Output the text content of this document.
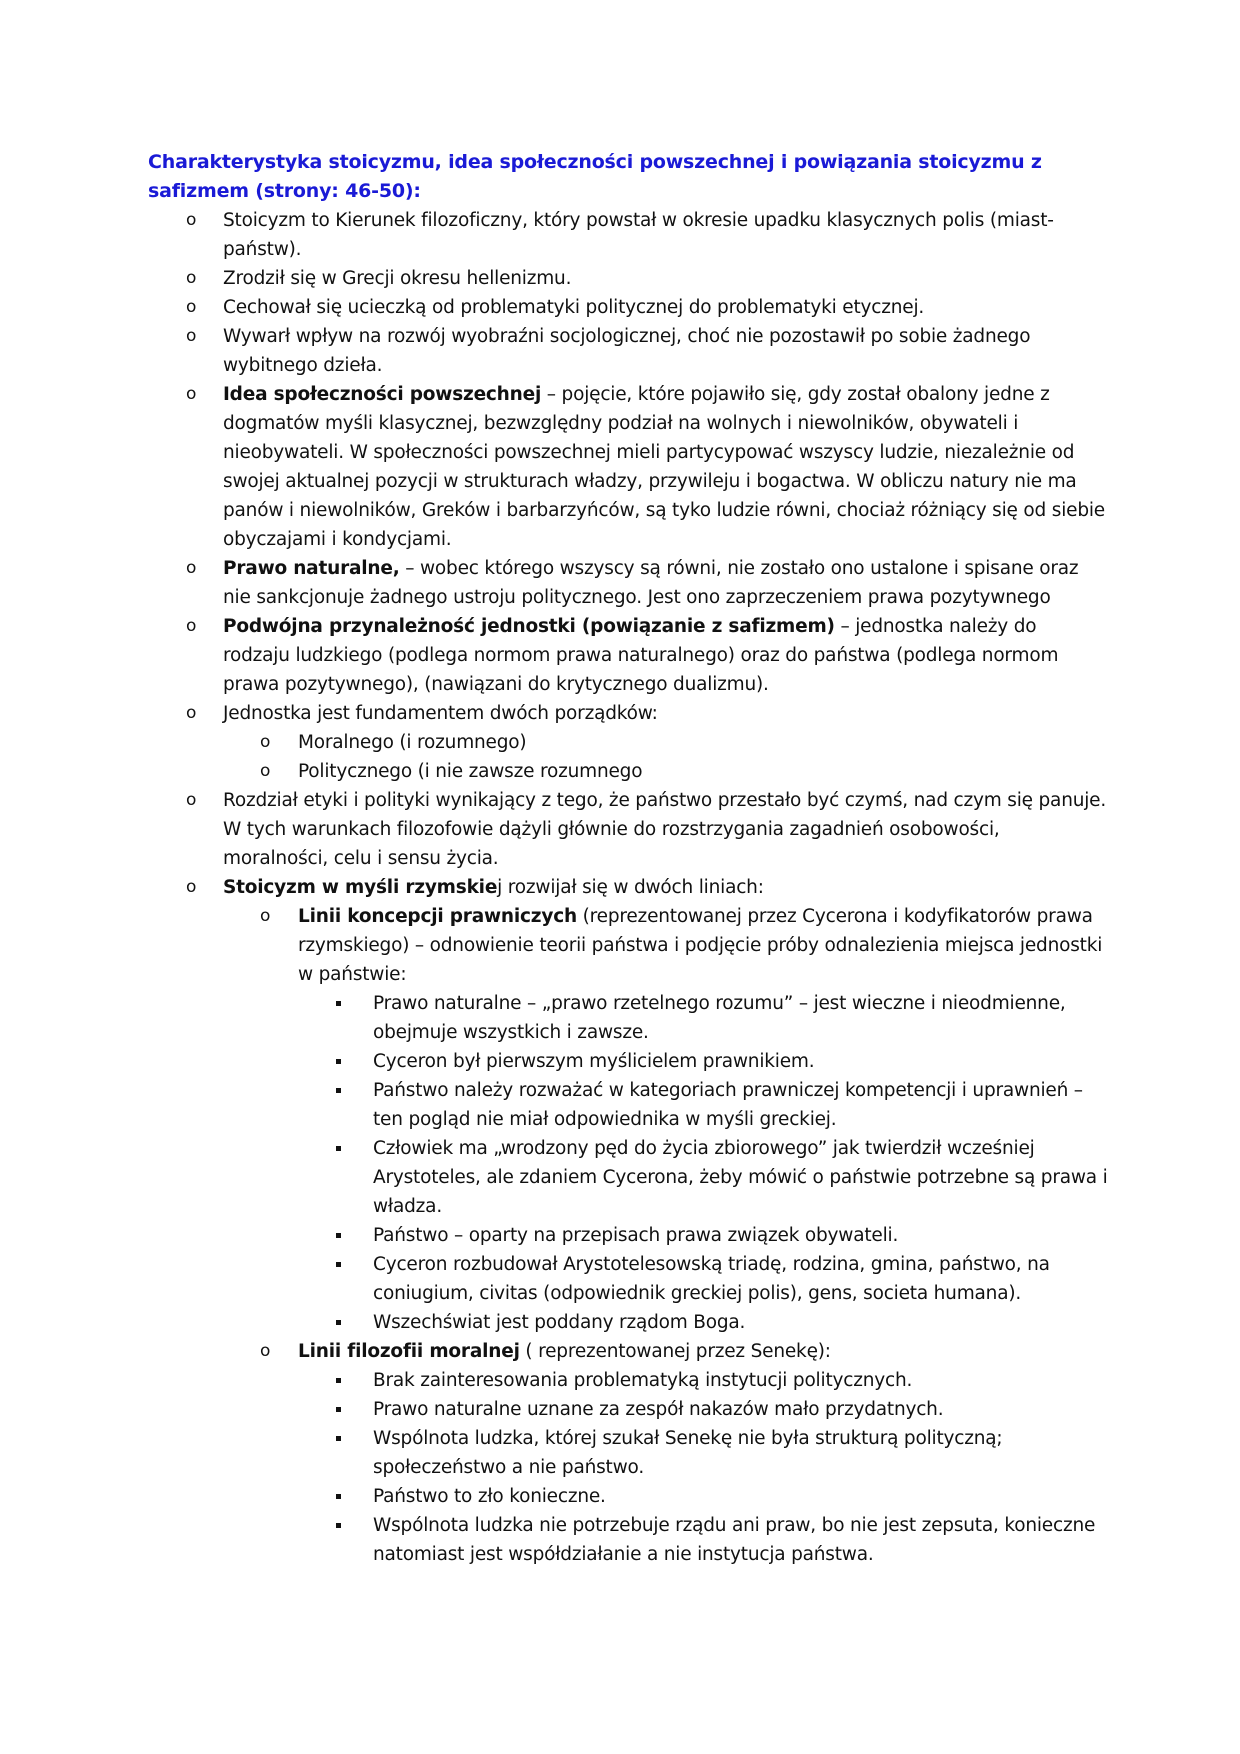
Charakterystyka stoicyzmu, idea społeczności powszechnej i powiązania stoicyzmu z safizmem (strony: 46-50):

o Stoicyzm to Kierunek filozoficzny, który powstał w okresie upadku klasycznych polis (miast-państw).
o Zrodził się w Grecji okresu hellenizmu.
o Cechował się ucieczką od problematyki politycznej do problematyki etycznej.
o Wywarł wpływ na rozwój wyobraźni socjologicznej, choć nie pozostawił po sobie żadnego wybitnego dzieła.
o Idea społeczności powszechnej – pojęcie, które pojawiło się, gdy został obalony jedne z dogmatów myśli klasycznej, bezwzględny podział na wolnych i niewolników, obywateli i nieobywateli. W społeczności powszechnej mieli partycypować wszyscy ludzie, niezależnie od swojej aktualnej pozycji w strukturach władzy, przywileju i bogactwa. W obliczu natury nie ma panów i niewolników, Greków i barbarzyńców, są tyko ludzie równi, chociaż różniący się od siebie obyczajami i kondycjami.
o Prawo naturalne, – wobec którego wszyscy są równi, nie zostało ono ustalone i spisane oraz nie sankcjonuje żadnego ustroju politycznego. Jest ono zaprzeczeniem prawa pozytywnego
o Podwójna przynależność jednostki (powiązanie z safizmem) – jednostka należy do rodzaju ludzkiego (podlega normom prawa naturalnego) oraz do państwa (podlega normom prawa pozytywnego), (nawiązani do krytycznego dualizmu).
o Jednostka jest fundamentem dwóch porządków:
o Moralnego (i rozumnego)
o Politycznego (i nie zawsze rozumnego
o Rozdział etyki i polityki wynikający z tego, że państwo przestało być czymś, nad czym się panuje. W tych warunkach filozofowie dążyli głównie do rozstrzygania zagadnień osobowości, moralności, celu i sensu życia.
o Stoicyzm w myśli rzymskiej rozwijał się w dwóch liniach:
o Linii koncepcji prawniczych (reprezentowanej przez Cycerona i kodyfikatorów prawa rzymskiego) – odnowienie teorii państwa i podjęcie próby odnalezienia miejsca jednostki w państwie:
Prawo naturalne – „prawo rzetelnego rozumu” – jest wieczne i nieodmienne, obejmuje wszystkich i zawsze.
Cyceron był pierwszym myślicielem prawnikiem.
Państwo należy rozważać w kategoriach prawniczej kompetencji i uprawnień – ten pogląd nie miał odpowiednika w myśli greckiej.
Człowiek ma „wrodzony pęd do życia zbiorowego” jak twierdził wcześniej Arystoteles, ale zdaniem Cycerona, żeby mówić o państwie potrzebne są prawa i władza.
Państwo – oparty na przepisach prawa związek obywateli.
Cyceron rozbudował Arystotelesowską triadę, rodzina, gmina, państwo, na coniugium, civitas (odpowiednik greckiej polis), gens, societa humana).
Wszechświat jest poddany rządom Boga.
o Linii filozofii moralnej ( reprezentowanej przez Senekę):
Brak zainteresowania problematyką instytucji politycznych.
Prawo naturalne uznane za zespół nakazów mało przydatnych.
Wspólnota ludzka, której szukał Senekę nie była strukturą polityczną; społeczeństwo a nie państwo.
Państwo to zło konieczne.
Wspólnota ludzka nie potrzebuje rządu ani praw, bo nie jest zepsuta, konieczne natomiast jest współdziałanie a nie instytucja państwa.
